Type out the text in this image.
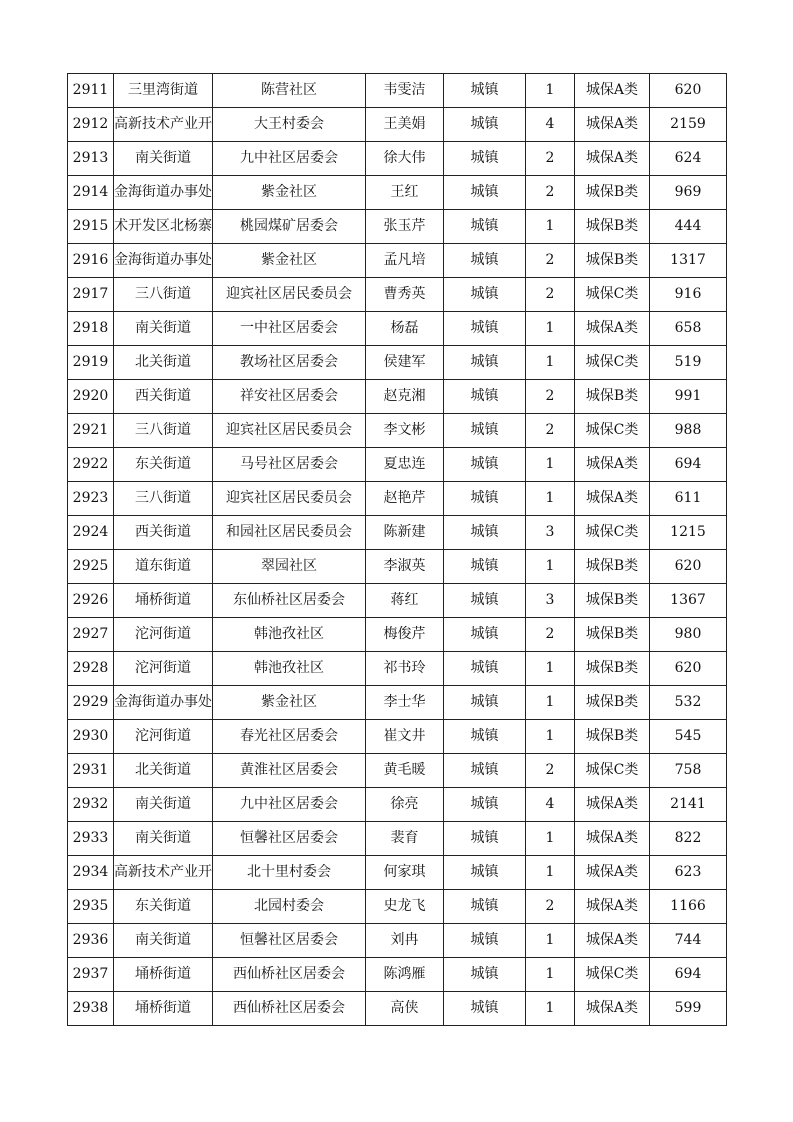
2911	三里湾街道	陈营社区	韦雯洁	城镇	1	城保A类	620
2912	高新技术产业开	大王村委会	王美娟	城镇	4	城保A类	2159
2913	南关街道	九中社区居委会	徐大伟	城镇	2	城保A类	624
2914	金海街道办事处	紫金社区	王红	城镇	2	城保B类	969
2915	术开发区北杨寨	桃园煤矿居委会	张玉芹	城镇	1	城保B类	444
2916	金海街道办事处	紫金社区	孟凡培	城镇	2	城保B类	1317
2917	三八街道	迎宾社区居民委员会	曹秀英	城镇	2	城保C类	916
2918	南关街道	一中社区居委会	杨磊	城镇	1	城保A类	658
2919	北关街道	教场社区居委会	侯建军	城镇	1	城保C类	519
2920	西关街道	祥安社区居委会	赵克湘	城镇	2	城保B类	991
2921	三八街道	迎宾社区居民委员会	李文彬	城镇	2	城保C类	988
2922	东关街道	马号社区居委会	夏忠连	城镇	1	城保A类	694
2923	三八街道	迎宾社区居民委员会	赵艳芹	城镇	1	城保A类	611
2924	西关街道	和园社区居民委员会	陈新建	城镇	3	城保C类	1215
2925	道东街道	翠园社区	李淑英	城镇	1	城保B类	620
2926	埇桥街道	东仙桥社区居委会	蒋红	城镇	3	城保B类	1367
2927	沱河街道	韩池孜社区	梅俊芹	城镇	2	城保B类	980
2928	沱河街道	韩池孜社区	祁书玲	城镇	1	城保B类	620
2929	金海街道办事处	紫金社区	李士华	城镇	1	城保B类	532
2930	沱河街道	春光社区居委会	崔文井	城镇	1	城保B类	545
2931	北关街道	黄淮社区居委会	黄毛暖	城镇	2	城保C类	758
2932	南关街道	九中社区居委会	徐亮	城镇	4	城保A类	2141
2933	南关街道	恒馨社区居委会	裴育	城镇	1	城保A类	822
2934	高新技术产业开	北十里村委会	何家琪	城镇	1	城保A类	623
2935	东关街道	北园村委会	史龙飞	城镇	2	城保A类	1166
2936	南关街道	恒馨社区居委会	刘冉	城镇	1	城保A类	744
2937	埇桥街道	西仙桥社区居委会	陈鸿雁	城镇	1	城保C类	694
2938	埇桥街道	西仙桥社区居委会	高侠	城镇	1	城保A类	599
